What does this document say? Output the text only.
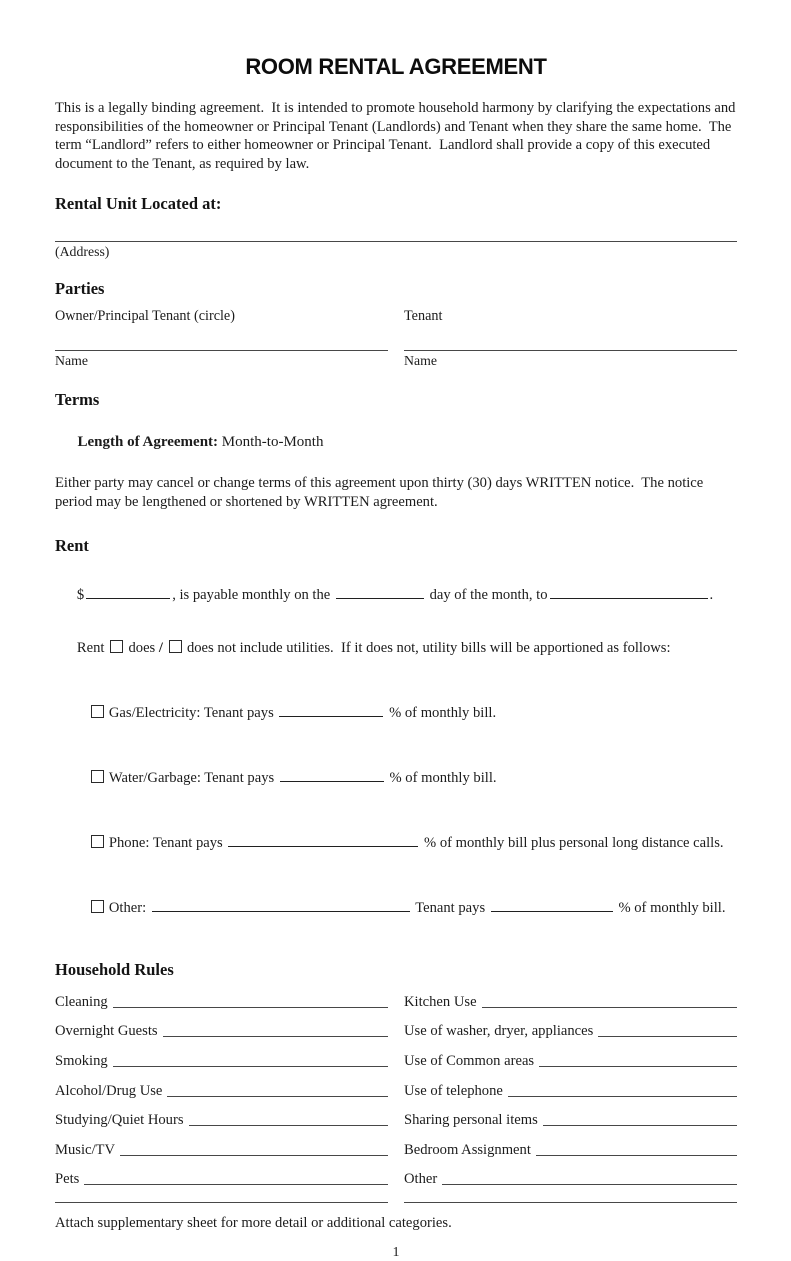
ROOM RENTAL AGREEMENT

This is a legally binding agreement.  It is intended to promote household harmony by clarifying the expectations and responsibilities of the homeowner or Principal Tenant (Landlords) and Tenant when they share the same home.  The term “Landlord” refers to either homeowner or Principal Tenant.  Landlord shall provide a copy of this executed document to the Tenant, as required by law.

Rental Unit Located at:
(Address)
Parties
Owner/Principal Tenant (circle)
Name
Tenant
Name
Terms

Length of Agreement: Month-to-Month

Either party may cancel or change terms of this agreement upon thirty (30) days WRITTEN notice.  The notice period may be lengthened or shortened by WRITTEN agreement.

Rent

$	, is payable monthly on the	day of the month, to	.

Rent does / does not include utilities.  If it does not, utility bills will be apportioned as follows:

Gas/Electricity: Tenant pays	% of monthly bill.

Water/Garbage: Tenant pays	% of monthly bill.

Phone: Tenant pays	% of monthly bill plus personal long distance calls.

Other:	Tenant pays	% of monthly bill.

Household Rules
Cleaning	Kitchen Use
Overnight Guests	Use of washer, dryer, appliances
Smoking	Use of Common areas
Alcohol/Drug Use	Use of telephone
Studying/Quiet Hours	Sharing personal items
Music/TV	Bedroom Assignment
Pets	Other
Attach supplementary sheet for more detail or additional categories.
1
